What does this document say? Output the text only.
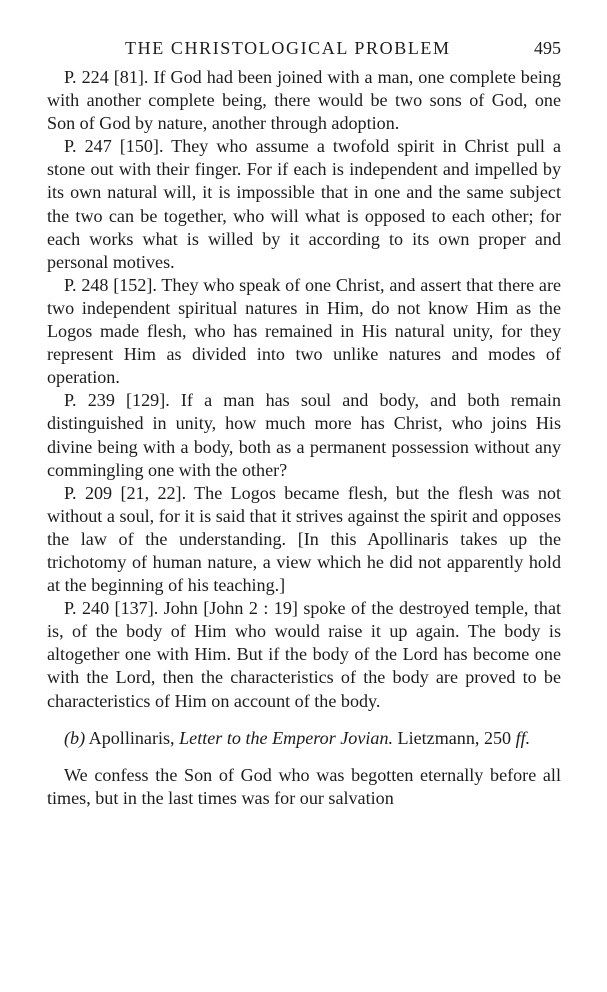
THE CHRISTOLOGICAL PROBLEM	495

P. 224 [81]. If God had been joined with a man, one complete being with another complete being, there would be two sons of God, one Son of God by nature, another through adoption.

P. 247 [150]. They who assume a twofold spirit in Christ pull a stone out with their finger. For if each is independent and impelled by its own natural will, it is impossible that in one and the same subject the two can be together, who will what is opposed to each other; for each works what is willed by it according to its own proper and personal motives.

P. 248 [152]. They who speak of one Christ, and assert that there are two independent spiritual natures in Him, do not know Him as the Logos made flesh, who has remained in His natural unity, for they represent Him as divided into two unlike natures and modes of operation.

P. 239 [129]. If a man has soul and body, and both remain distinguished in unity, how much more has Christ, who joins His divine being with a body, both as a permanent possession without any commingling one with the other?

P. 209 [21, 22]. The Logos became flesh, but the flesh was not without a soul, for it is said that it strives against the spirit and opposes the law of the understanding. [In this Apollinaris takes up the trichotomy of human nature, a view which he did not apparently hold at the beginning of his teaching.]

P. 240 [137]. John [John 2 : 19] spoke of the destroyed temple, that is, of the body of Him who would raise it up again. The body is altogether one with Him. But if the body of the Lord has become one with the Lord, then the characteristics of the body are proved to be characteristics of Him on account of the body.

(b) Apollinaris, Letter to the Emperor Jovian. Lietzmann, 250 ff.

We confess the Son of God who was begotten eternally before all times, but in the last times was for our salvation
